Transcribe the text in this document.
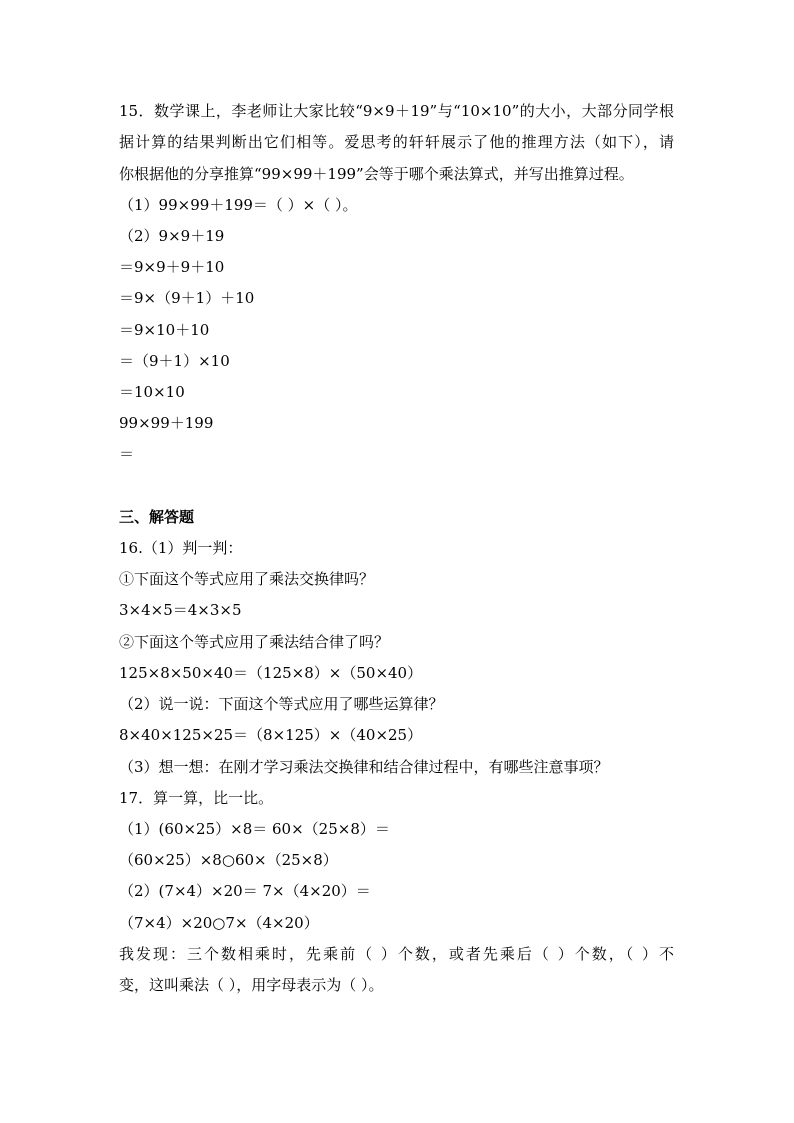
15．数学课上，李老师让大家比较“9×9＋19”与“10×10”的大小，大部分同学根
据计算的结果判断出它们相等。爱思考的轩轩展示了他的推理方法（如下），请
你根据他的分享推算“99×99＋199”会等于哪个乘法算式，并写出推算过程。
（1）99×99＋199＝（ ）×（ ）。
（2）9×9＋19
＝9×9＋9＋10
＝9×（9＋1）＋10
＝9×10＋10
＝（9＋1）×10
＝10×10
99×99＋199
＝
三、解答题
16.（1）判一判：
①下面这个等式应用了乘法交换律吗？
3×4×5＝4×3×5
②下面这个等式应用了乘法结合律了吗？
125×8×50×40＝（125×8）×（50×40）
（2）说一说：下面这个等式应用了哪些运算律？
8×40×125×25＝（8×125）×（40×25）
（3）想一想：在刚才学习乘法交换律和结合律过程中，有哪些注意事项？
17．算一算，比一比。
（1）(60×25）×8＝ 60×（25×8）＝
（60×25）×8○60×（25×8）
（2）(7×4）×20＝ 7×（4×20）＝
（7×4）×20○7×（4×20）
我发现：三个数相乘时，先乘前（ ）个数，或者先乘后（ ）个数，（ ）不
变，这叫乘法（ ），用字母表示为（ ）。
